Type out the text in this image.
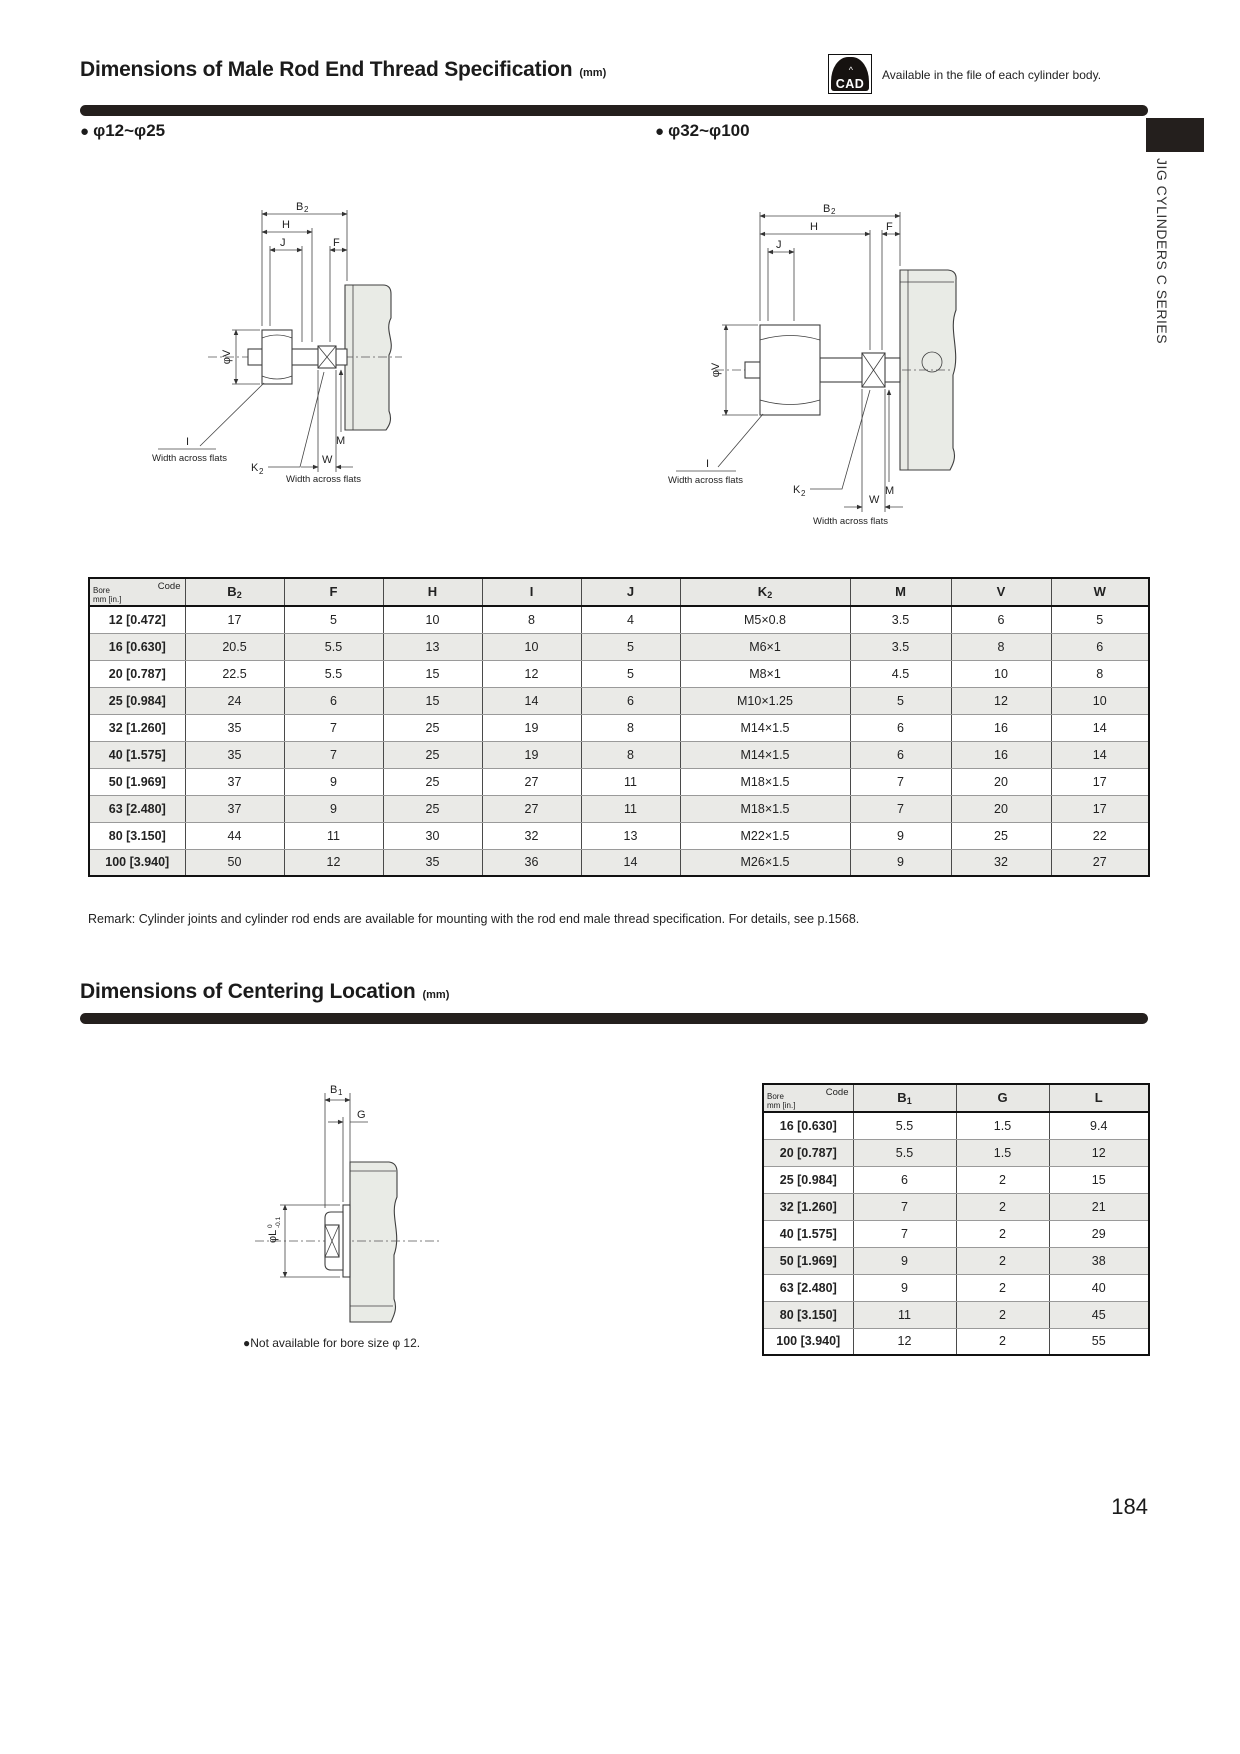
Dimensions of Male Rod End Thread Specification (mm)	^
CAD
Available in the file of each cylinder body.
● φ12~φ25	● φ32~φ100
B 2
H
J	F
φV
I
Width across flats
K 2
M
W
Width across flats
B 2
H	F
J
φV
I
Width across flats
K 2	M
W
Width across flats
Code
Bore
mm [in.]	$B_2$	F	H	I	J	$K_2$	M	V	W
12 [0.472]	17	5	10	8	4	M5×0.8	3.5	6	5
16 [0.630]	20.5	5.5	13	10	5	M6×1	3.5	8	6
20 [0.787]	22.5	5.5	15	12	5	M8×1	4.5	10	8
25 [0.984]	24	6	15	14	6	M10×1.25	5	12	10
32 [1.260]	35	7	25	19	8	M14×1.5	6	16	14
40 [1.575]	35	7	25	19	8	M14×1.5	6	16	14
50 [1.969]	37	9	25	27	11	M18×1.5	7	20	17
63 [2.480]	37	9	25	27	11	M18×1.5	7	20	17
80 [3.150]	44	11	30	32	13	M22×1.5	9	25	22
100 [3.940]	50	12	35	36	14	M26×1.5	9	32	27
Remark: Cylinder joints and cylinder rod ends are available for mounting with the rod end male thread specification. For details, see p.1568.
Dimensions of Centering Location (mm)
B 1
G
φL
0 -0.1
●Not available for bore size φ 12.
Code
Bore
mm [in.]	$B_1$	G	L
16 [0.630]	5.5	1.5	9.4
20 [0.787]	5.5	1.5	12
25 [0.984]	6	2	15
32 [1.260]	7	2	21
40 [1.575]	7	2	29
50 [1.969]	9	2	38
63 [2.480]	9	2	40
80 [3.150]	11	2	45
100 [3.940]	12	2	55
JIG CYLINDERS C SERIES
184
